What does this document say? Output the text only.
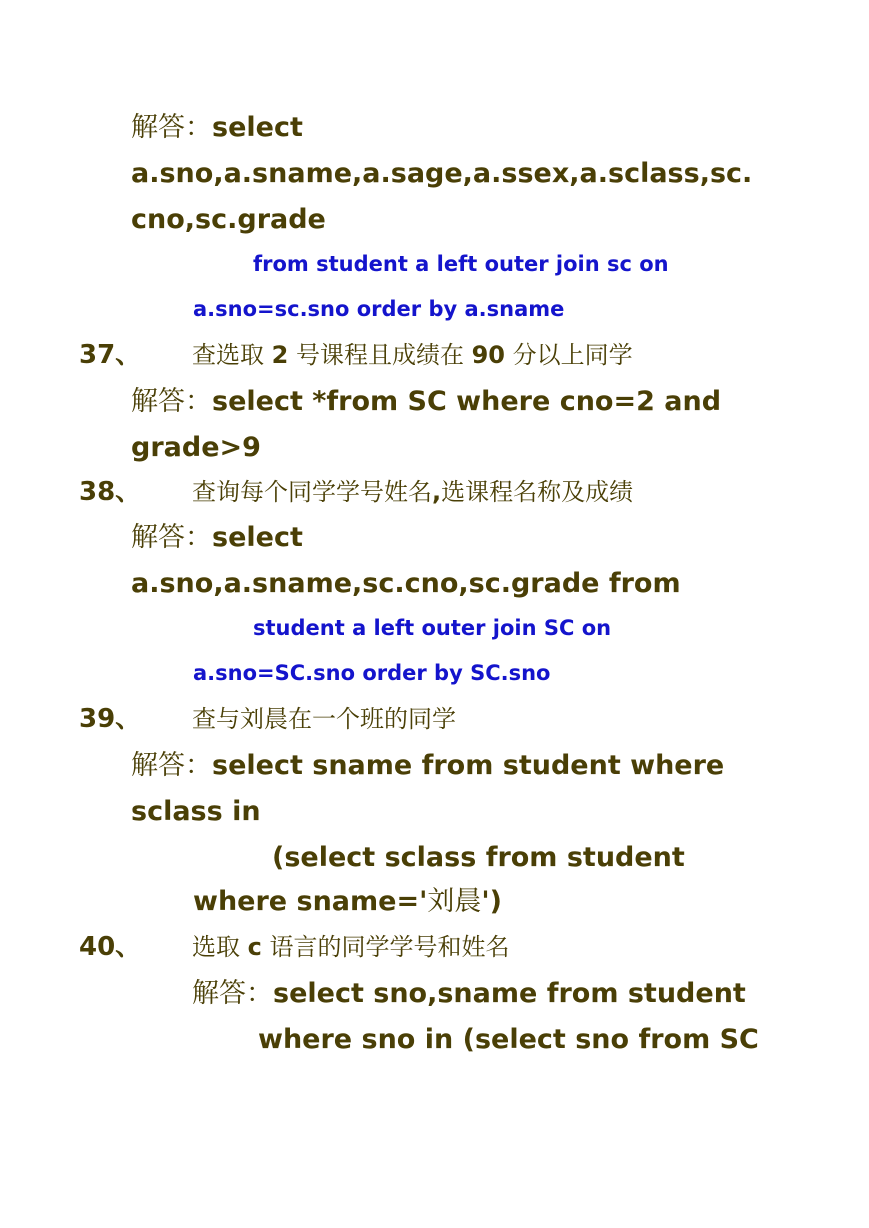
解答：select
a.sno,a.sname,a.sage,a.ssex,a.sclass,sc.
cno,sc.grade
from student a left outer join sc on
a.sno=sc.sno order by a.sname
37、 查选取 2 号课程且成绩在 90 分以上同学
解答：select *from SC where cno=2 and
grade>9
38、 查询每个同学学号姓名,选课程名称及成绩
解答：select
a.sno,a.sname,sc.cno,sc.grade from
student a left outer join SC on
a.sno=SC.sno order by SC.sno
39、 查与刘晨在一个班的同学
解答：select sname from student where
sclass in
(select sclass from student
where sname='刘晨')
40、 选取 c 语言的同学学号和姓名
解答：select sno,sname from student
where sno in (select sno from SC
